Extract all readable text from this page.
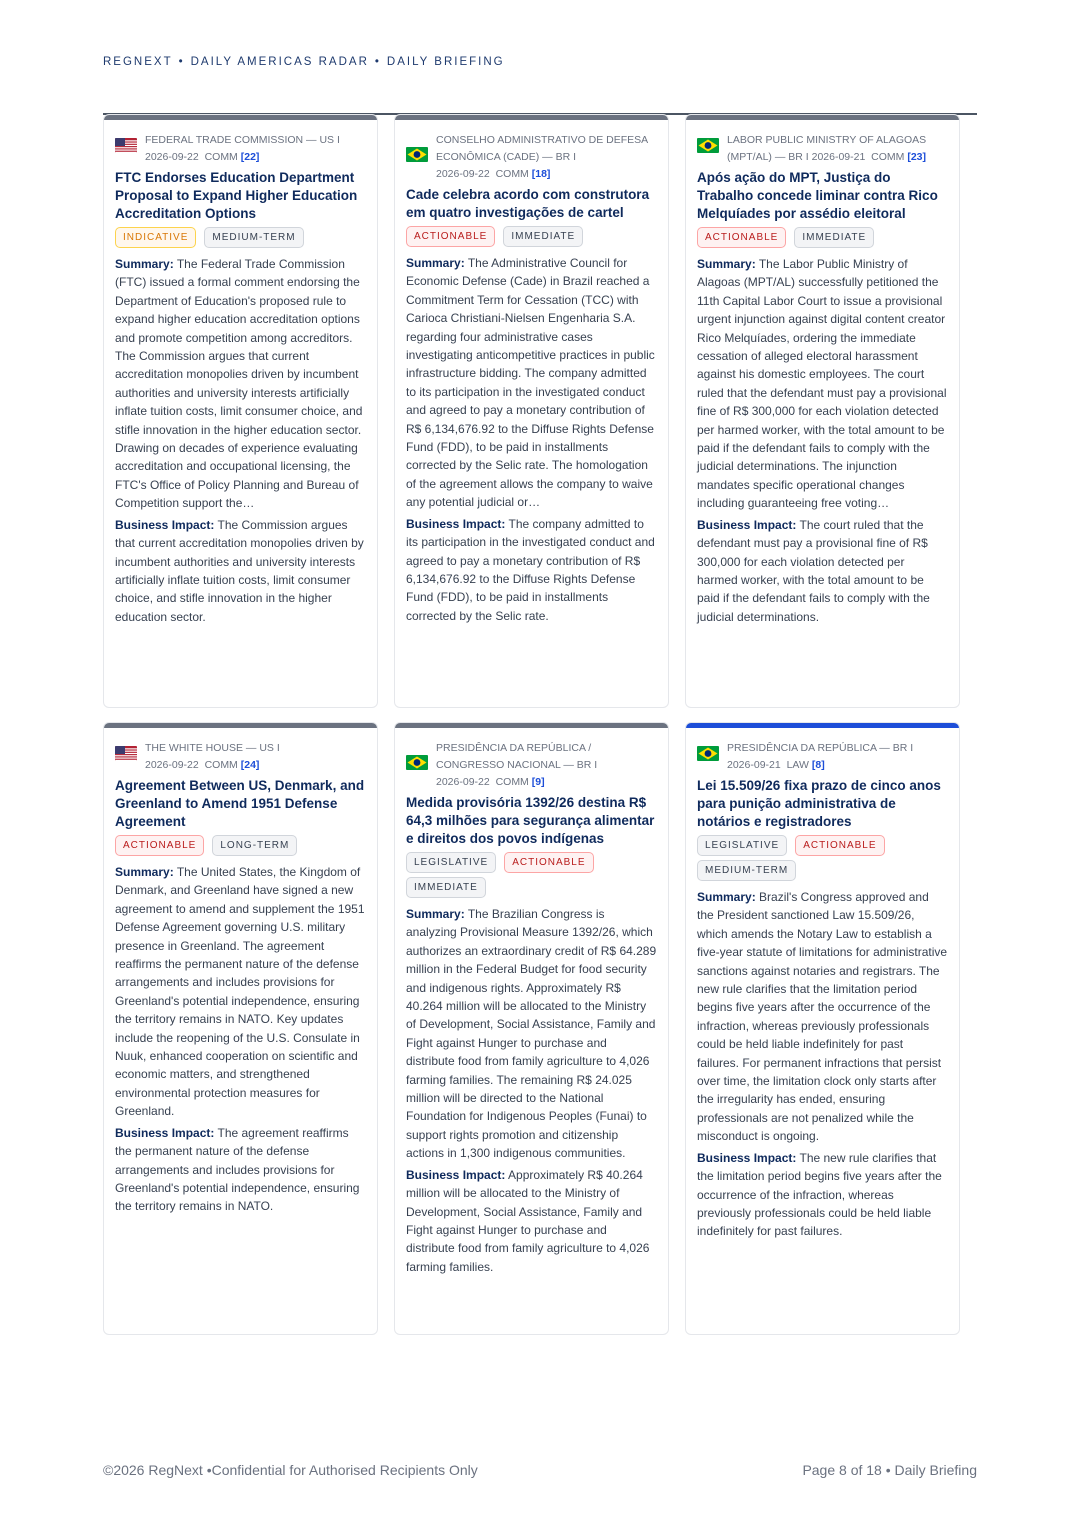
REGNEXT • DAILY AMERICAS RADAR • DAILY BRIEFING
FEDERAL TRADE COMMISSION — US I
2026-09-22 COMM [22]
FTC Endorses Education Department Proposal to Expand Higher Education Accreditation Options
INDICATIVE	MEDIUM-TERM
Summary: The Federal Trade Commission (FTC) issued a formal comment endorsing the Department of Education's proposed rule to expand higher education accreditation options and promote competition among accreditors. The Commission argues that current accreditation monopolies driven by incumbent authorities and university interests artificially inflate tuition costs, limit consumer choice, and stifle innovation in the higher education sector. Drawing on decades of experience evaluating accreditation and occupational licensing, the FTC's Office of Policy Planning and Bureau of Competition support the…
Business Impact: The Commission argues that current accreditation monopolies driven by incumbent authorities and university interests artificially inflate tuition costs, limit consumer choice, and stifle innovation in the higher education sector.
CONSELHO ADMINISTRATIVO DE DEFESA ECONÔMICA (CADE) — BR I
2026-09-22 COMM [18]
Cade celebra acordo com construtora em quatro investigações de cartel
ACTIONABLE	IMMEDIATE
Summary: The Administrative Council for Economic Defense (Cade) in Brazil reached a Commitment Term for Cessation (TCC) with Carioca Christiani-Nielsen Engenharia S.A. regarding four administrative cases investigating anticompetitive practices in public infrastructure bidding. The company admitted to its participation in the investigated conduct and agreed to pay a monetary contribution of R$ 6,134,676.92 to the Diffuse Rights Defense Fund (FDD), to be paid in installments corrected by the Selic rate. The homologation of the agreement allows the company to waive any potential judicial or…
Business Impact: The company admitted to its participation in the investigated conduct and agreed to pay a monetary contribution of R$ 6,134,676.92 to the Diffuse Rights Defense Fund (FDD), to be paid in installments corrected by the Selic rate.
LABOR PUBLIC MINISTRY OF ALAGOAS (MPT/AL) — BR I 2026-09-21 COMM [23]
Após ação do MPT, Justiça do Trabalho concede liminar contra Rico Melquíades por assédio eleitoral
ACTIONABLE	IMMEDIATE
Summary: The Labor Public Ministry of Alagoas (MPT/AL) successfully petitioned the 11th Capital Labor Court to issue a provisional urgent injunction against digital content creator Rico Melquíades, ordering the immediate cessation of alleged electoral harassment against his domestic employees. The court ruled that the defendant must pay a provisional fine of R$ 300,000 for each violation detected per harmed worker, with the total amount to be paid if the defendant fails to comply with the judicial determinations. The injunction mandates specific operational changes including guaranteeing free voting…
Business Impact: The court ruled that the defendant must pay a provisional fine of R$ 300,000 for each violation detected per harmed worker, with the total amount to be paid if the defendant fails to comply with the judicial determinations.
THE WHITE HOUSE — US I
2026-09-22 COMM [24]
Agreement Between US, Denmark, and Greenland to Amend 1951 Defense Agreement
ACTIONABLE	LONG-TERM
Summary: The United States, the Kingdom of Denmark, and Greenland have signed a new agreement to amend and supplement the 1951 Defense Agreement governing U.S. military presence in Greenland. The agreement reaffirms the permanent nature of the defense arrangements and includes provisions for Greenland's potential independence, ensuring the territory remains in NATO. Key updates include the reopening of the U.S. Consulate in Nuuk, enhanced cooperation on scientific and economic matters, and strengthened environmental protection measures for Greenland.
Business Impact: The agreement reaffirms the permanent nature of the defense arrangements and includes provisions for Greenland's potential independence, ensuring the territory remains in NATO.
PRESIDÊNCIA DA REPÚBLICA / CONGRESSO NACIONAL — BR I
2026-09-22 COMM [9]
Medida provisória 1392/26 destina R$ 64,3 milhões para segurança alimentar e direitos dos povos indígenas
LEGISLATIVE	ACTIONABLE
IMMEDIATE
Summary: The Brazilian Congress is analyzing Provisional Measure 1392/26, which authorizes an extraordinary credit of R$ 64.289 million in the Federal Budget for food security and indigenous rights. Approximately R$ 40.264 million will be allocated to the Ministry of Development, Social Assistance, Family and Fight against Hunger to purchase and distribute food from family agriculture to 4,026 farming families. The remaining R$ 24.025 million will be directed to the National Foundation for Indigenous Peoples (Funai) to support rights promotion and citizenship actions in 1,300 indigenous communities.
Business Impact: Approximately R$ 40.264 million will be allocated to the Ministry of Development, Social Assistance, Family and Fight against Hunger to purchase and distribute food from family agriculture to 4,026 farming families.
PRESIDÊNCIA DA REPÚBLICA — BR I
2026-09-21 LAW [8]
Lei 15.509/26 fixa prazo de cinco anos para punição administrativa de notários e registradores
LEGISLATIVE	ACTIONABLE
MEDIUM-TERM
Summary: Brazil's Congress approved and the President sanctioned Law 15.509/26, which amends the Notary Law to establish a five-year statute of limitations for administrative sanctions against notaries and registrars. The new rule clarifies that the limitation period begins five years after the occurrence of the infraction, whereas previously professionals could be held liable indefinitely for past failures. For permanent infractions that persist over time, the limitation clock only starts after the irregularity has ended, ensuring professionals are not penalized while the misconduct is ongoing.
Business Impact: The new rule clarifies that the limitation period begins five years after the occurrence of the infraction, whereas previously professionals could be held liable indefinitely for past failures.
©2026 RegNext •Confidential for Authorised Recipients Only	Page 8 of 18 • Daily Briefing
